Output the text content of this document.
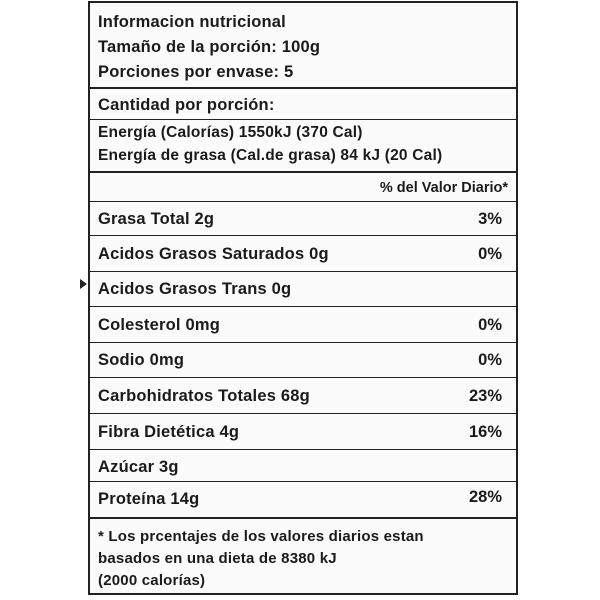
Informacion nutricional
Tamaño de la porción: 100g
Porciones por envase: 5
Cantidad por porción:
Energía (Calorías) 1550kJ (370 Cal)
Energía de grasa (Cal.de grasa) 84 kJ (20 Cal)
% del Valor Diario*
Grasa Total 2g	3%
Acidos Grasos Saturados 0g	0%
Acidos Grasos Trans 0g
Colesterol 0mg	0%
Sodio 0mg	0%
Carbohidratos Totales 68g	23%
Fibra Dietética 4g	16%
Azúcar 3g
Proteína 14g	28%
* Los prcentajes de los valores diarios estan
basados en una dieta de 8380 kJ
(2000 calorías)
